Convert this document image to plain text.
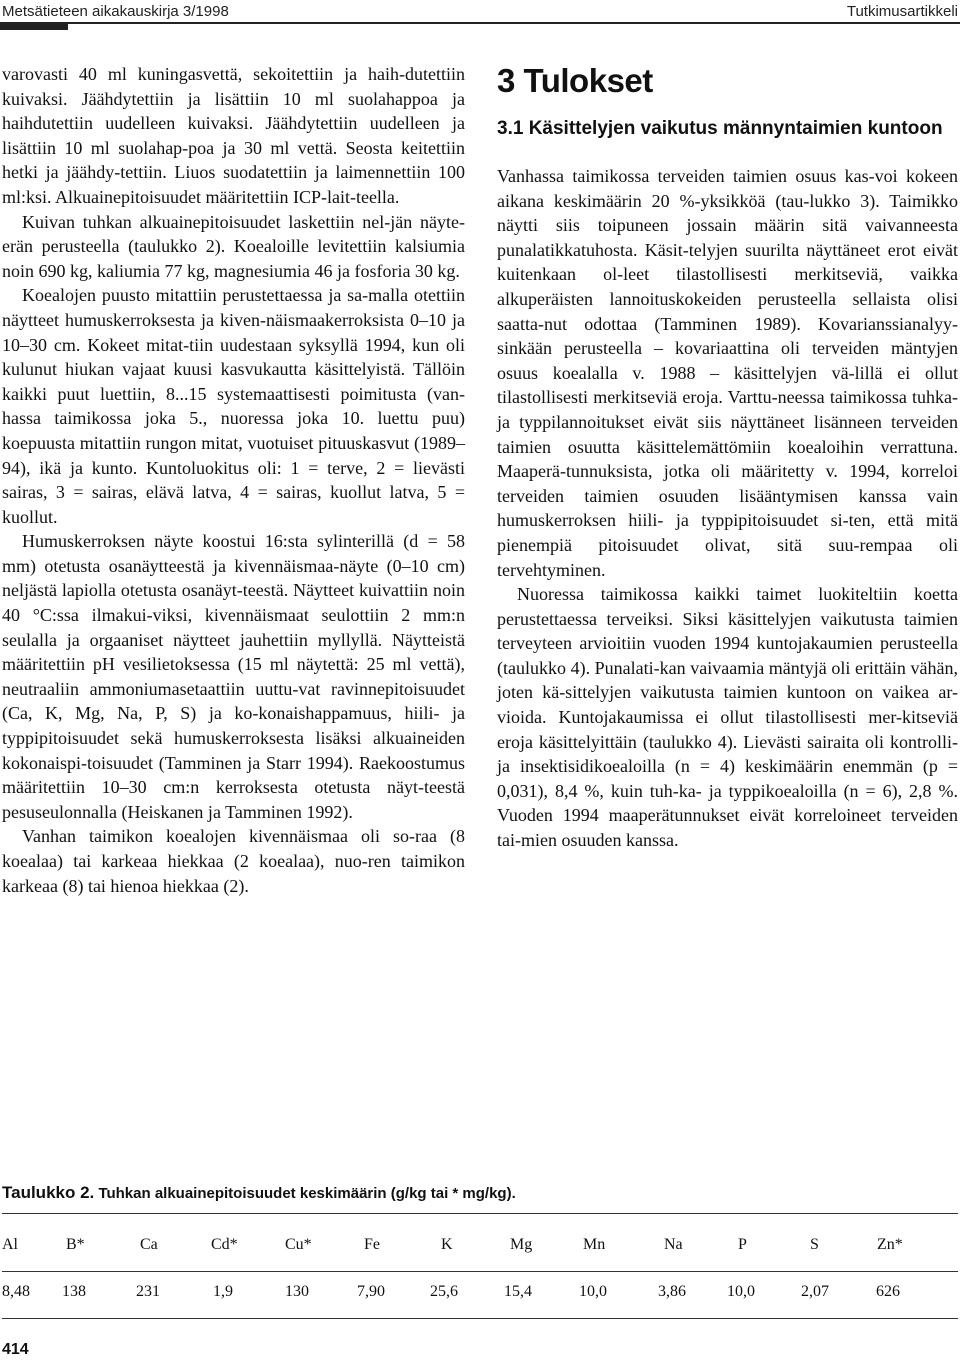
Metsätieteen aikakauskirja 3/1998	Tutkimusartikkeli

varovasti 40 ml kuningasvettä, sekoitettiin ja haih-dutettiin kuivaksi. Jäähdytettiin ja lisättiin 10 ml suolahappoa ja haihdutettiin uudelleen kuivaksi. Jäähdytettiin uudelleen ja lisättiin 10 ml suolahap-poa ja 30 ml vettä. Seosta keitettiin hetki ja jäähdy-tettiin. Liuos suodatettiin ja laimennettiin 100 ml:ksi. Alkuainepitoisuudet määritettiin ICP-lait-teella.

Kuivan tuhkan alkuainepitoisuudet laskettiin nel-jän näyte-erän perusteella (taulukko 2). Koealoille levitettiin kalsiumia noin 690 kg, kaliumia 77 kg, magnesiumia 46 ja fosforia 30 kg.

Koealojen puusto mitattiin perustettaessa ja sa-malla otettiin näytteet humuskerroksesta ja kiven-näismaakerroksista 0–10 ja 10–30 cm. Kokeet mitat-tiin uudestaan syksyllä 1994, kun oli kulunut hiukan vajaat kuusi kasvukautta käsittelyistä. Tällöin kaikki puut luettiin, 8...15 systemaattisesti poimitusta (van-hassa taimikossa joka 5., nuoressa joka 10. luettu puu) koepuusta mitattiin rungon mitat, vuotuiset pituuskasvut (1989–94), ikä ja kunto. Kuntoluokitus oli: 1 = terve, 2 = lievästi sairas, 3 = sairas, elävä latva, 4 = sairas, kuollut latva, 5 = kuollut.

Humuskerroksen näyte koostui 16:sta sylinterillä (d = 58 mm) otetusta osanäytteestä ja kivennäismaa-näyte (0–10 cm) neljästä lapiolla otetusta osanäyt-teestä. Näytteet kuivattiin noin 40 °C:ssa ilmakui-viksi, kivennäismaat seulottiin 2 mm:n seulalla ja orgaaniset näytteet jauhettiin myllyllä. Näytteistä määritettiin pH vesilietoksessa (15 ml näytettä: 25 ml vettä), neutraaliin ammoniumasetaattiin uuttu-vat ravinnepitoisuudet (Ca, K, Mg, Na, P, S) ja ko-konaishappamuus, hiili- ja typpipitoisuudet sekä humuskerroksesta lisäksi alkuaineiden kokonaispi-toisuudet (Tamminen ja Starr 1994). Raekoostumus määritettiin 10–30 cm:n kerroksesta otetusta näyt-teestä pesuseulonnalla (Heiskanen ja Tamminen 1992).

Vanhan taimikon koealojen kivennäismaa oli so-raa (8 koealaa) tai karkeaa hiekkaa (2 koealaa), nuo-ren taimikon karkeaa (8) tai hienoa hiekkaa (2).

3 Tulokset
3.1 Käsittelyjen vaikutus männyntaimien kuntoon

Vanhassa taimikossa terveiden taimien osuus kas-voi kokeen aikana keskimäärin 20 %-yksikköä (tau-lukko 3). Taimikko näytti siis toipuneen jossain määrin sitä vaivanneesta punalatikkatuhosta. Käsit-telyjen suurilta näyttäneet erot eivät kuitenkaan ol-leet tilastollisesti merkitseviä, vaikka alkuperäisten lannoituskokeiden perusteella sellaista olisi saatta-nut odottaa (Tamminen 1989). Kovarianssianalyy-sinkään perusteella – kovariaattina oli terveiden mäntyjen osuus koealalla v. 1988 – käsittelyjen vä-lillä ei ollut tilastollisesti merkitseviä eroja. Varttu-neessa taimikossa tuhka- ja typpilannoitukset eivät siis näyttäneet lisänneen terveiden taimien osuutta käsittelemättömiin koealoihin verrattuna. Maaperä-tunnuksista, jotka oli määritetty v. 1994, korreloi terveiden taimien osuuden lisääntymisen kanssa vain humuskerroksen hiili- ja typpipitoisuudet si-ten, että mitä pienempiä pitoisuudet olivat, sitä suu-rempaa oli tervehtyminen.

Nuoressa taimikossa kaikki taimet luokiteltiin koetta perustettaessa terveiksi. Siksi käsittelyjen vaikutusta taimien terveyteen arvioitiin vuoden 1994 kuntojakaumien perusteella (taulukko 4). Punalati-kan vaivaamia mäntyjä oli erittäin vähän, joten kä-sittelyjen vaikutusta taimien kuntoon on vaikea ar-vioida. Kuntojakaumissa ei ollut tilastollisesti mer-kitseviä eroja käsittelyittäin (taulukko 4). Lievästi sairaita oli kontrolli- ja insektisidikoealoilla (n = 4) keskimäärin enemmän (p = 0,031), 8,4 %, kuin tuh-ka- ja typpikoealoilla (n = 6), 2,8 %. Vuoden 1994 maaperätunnukset eivät korreloineet terveiden tai-mien osuuden kanssa.

Taulukko 2. Tuhkan alkuainepitoisuudet keskimäärin (g/kg tai * mg/kg).
Al	B*	Ca	Cd*	Cu*	Fe	K	Mg	Mn	Na	P	S	Zn*
8,48 138	231	1,9	130	7,90	25,6	15,4	10,0	3,86	10,0	2,07	626
414
